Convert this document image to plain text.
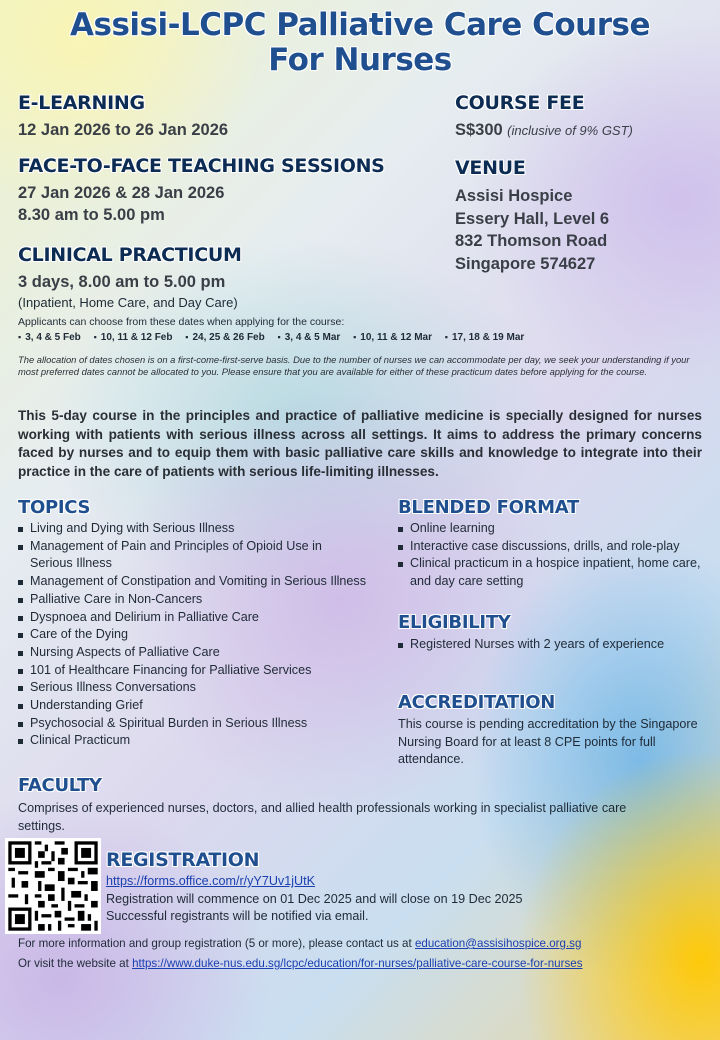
Assisi-LCPC Palliative Care Course
For Nurses
E-LEARNING
12 Jan 2026 to 26 Jan 2026
FACE-TO-FACE TEACHING SESSIONS
27 Jan 2026 & 28 Jan 2026
8.30 am to 5.00 pm
COURSE FEE
S$300 (inclusive of 9% GST)
VENUE
Assisi Hospice
Essery Hall, Level 6
832 Thomson Road
Singapore 574627
CLINICAL PRACTICUM
3 days, 8.00 am to 5.00 pm
(Inpatient, Home Care, and Day Care)
Applicants can choose from these dates when applying for the course:
▪ 3, 4 & 5 Feb ▪ 10, 11 & 12 Feb ▪ 24, 25 & 26 Feb ▪ 3, 4 & 5 Mar ▪ 10, 11 & 12 Mar ▪ 17, 18 & 19 Mar
The allocation of dates chosen is on a first-come-first-serve basis. Due to the number of nurses we can accommodate per day, we seek your understanding if your most preferred dates cannot be allocated to you. Please ensure that you are available for either of these practicum dates before applying for the course.
This 5-day course in the principles and practice of palliative medicine is specially designed for nurses working with patients with serious illness across all settings. It aims to address the primary concerns faced by nurses and to equip them with basic palliative care skills and knowledge to integrate into their practice in the care of patients with serious life-limiting illnesses.
TOPICS
Living and Dying with Serious Illness
Management of Pain and Principles of Opioid Use in Serious Illness
Management of Constipation and Vomiting in Serious Illness
Palliative Care in Non-Cancers
Dyspnoea and Delirium in Palliative Care
Care of the Dying
Nursing Aspects of Palliative Care
101 of Healthcare Financing for Palliative Services
Serious Illness Conversations
Understanding Grief
Psychosocial & Spiritual Burden in Serious Illness
Clinical Practicum
BLENDED FORMAT
Online learning
Interactive case discussions, drills, and role-play
Clinical practicum in a hospice inpatient, home care, and day care setting
ELIGIBILITY
Registered Nurses with 2 years of experience
ACCREDITATION
This course is pending accreditation by the Singapore Nursing Board for at least 8 CPE points for full attendance.
FACULTY
Comprises of experienced nurses, doctors, and allied health professionals working in specialist palliative care settings.
REGISTRATION
https://forms.office.com/r/yY7Uv1jUtK
Registration will commence on 01 Dec 2025 and will close on 19 Dec 2025
Successful registrants will be notified via email.
For more information and group registration (5 or more), please contact us at education@assisihospice.org.sg
Or visit the website at https://www.duke-nus.edu.sg/lcpc/education/for-nurses/palliative-care-course-for-nurses
